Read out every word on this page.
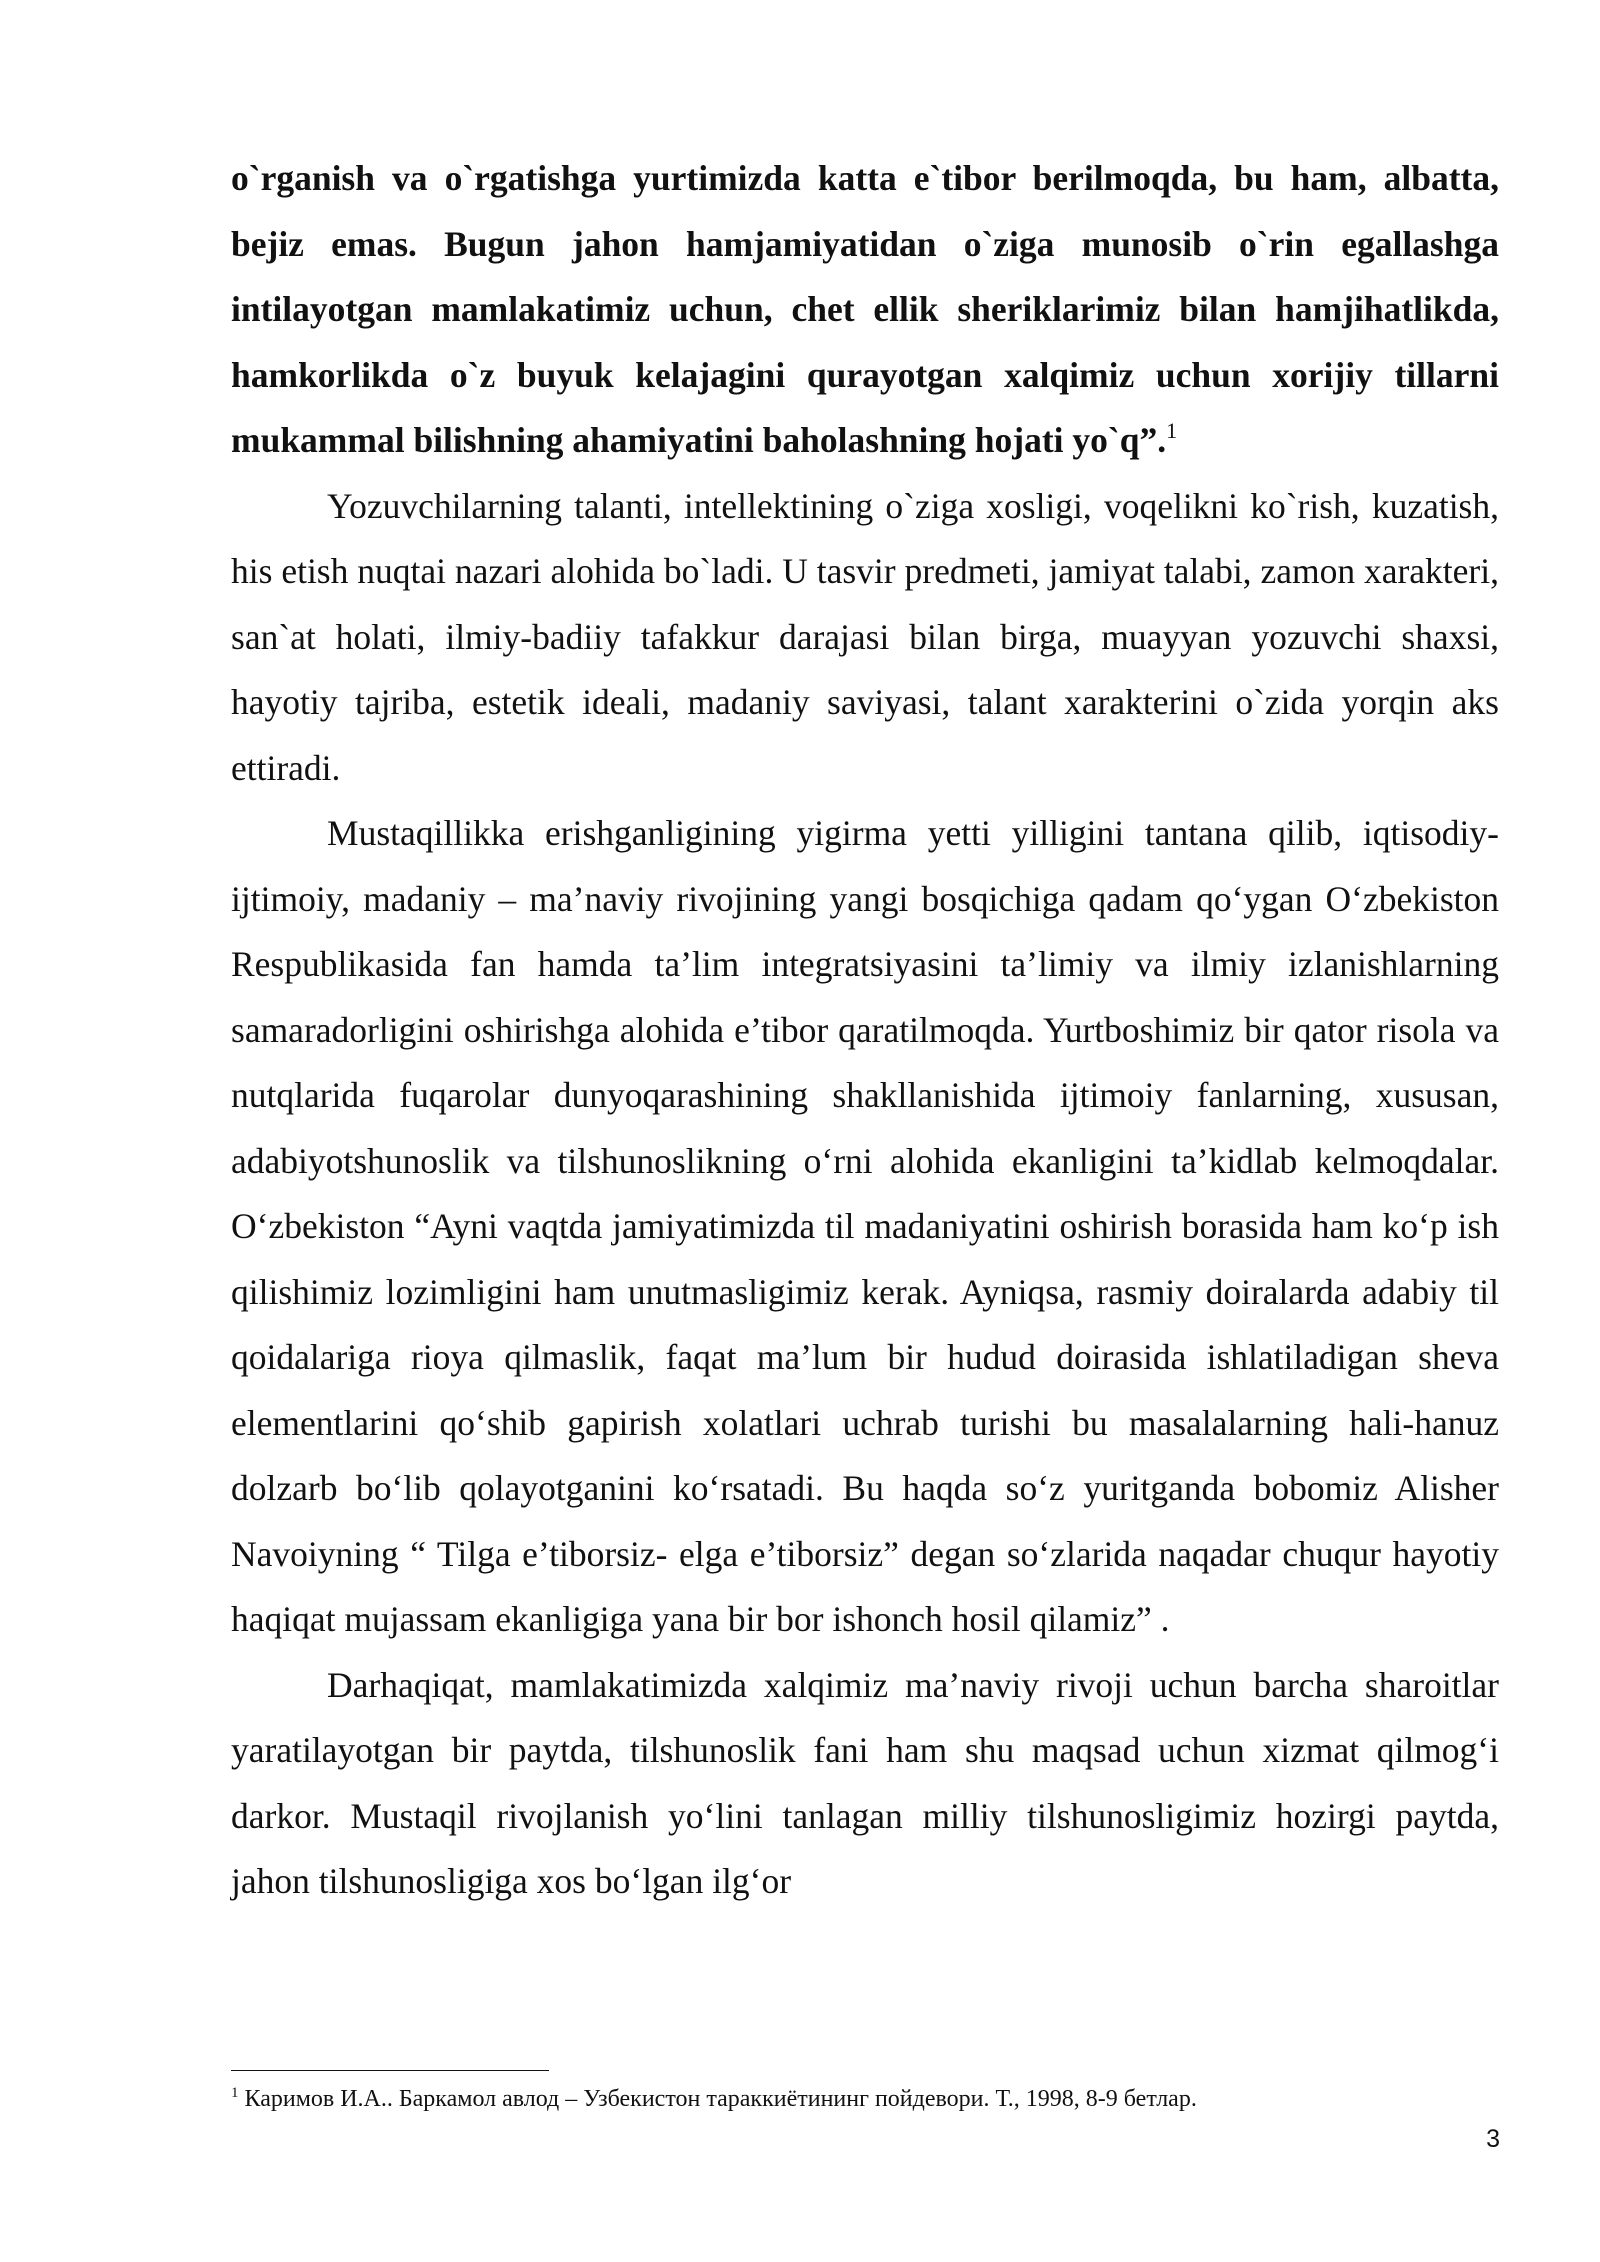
o`rganish va o`rgatishga yurtimizda katta e`tibor berilmoqda, bu ham, albatta, bejiz emas. Bugun jahon hamjamiyatidan o`ziga munosib o`rin egallashga intilayotgan mamlakatimiz uchun, chet ellik sheriklarimiz bilan hamjihatlikda, hamkorlikda o`z buyuk kelajagini qurayotgan xalqimiz uchun xorijiy tillarni mukammal bilishning ahamiyatini baholashning hojati yo`q”.$^1$

Yozuvchilarning talanti, intellektining o`ziga xosligi, voqelikni ko`rish, kuzatish, his etish nuqtai nazari alohida bo`ladi. U tasvir predmeti, jamiyat talabi, zamon xarakteri, san`at holati, ilmiy-badiiy tafakkur darajasi bilan birga, muayyan yozuvchi shaxsi, hayotiy tajriba, estetik ideali, madaniy saviyasi, talant xarakterini o`zida yorqin aks ettiradi.

Mustaqillikka erishganligining yigirma yetti yilligini tantana qilib, iqtisodiy-ijtimoiy, madaniy – ma’naviy rivojining yangi bosqichiga qadam qo‘ygan O‘zbekiston Respublikasida fan hamda ta’lim integratsiyasini ta’limiy va ilmiy izlanishlarning samaradorligini oshirishga alohida e’tibor qaratilmoqda. Yurtboshimiz bir qator risola va nutqlarida fuqarolar dunyoqarashining shakllanishida ijtimoiy fanlarning, xususan, adabiyotshunoslik va tilshunoslikning o‘rni alohida ekanligini ta’kidlab kelmoqdalar. O‘zbekiston “Ayni vaqtda jamiyatimizda til madaniyatini oshirish borasida ham ko‘p ish qilishimiz lozimligini ham unutmasligimiz kerak. Ayniqsa, rasmiy doiralarda adabiy til qoidalariga rioya qilmaslik, faqat ma’lum bir hudud doirasida ishlatiladigan sheva elementlarini qo‘shib gapirish xolatlari uchrab turishi bu masalalarning hali-hanuz dolzarb bo‘lib qolayotganini ko‘rsatadi. Bu haqda so‘z yuritganda bobomiz Alisher Navoiyning “ Tilga e’tiborsiz- elga e’tiborsiz” degan so‘zlarida naqadar chuqur hayotiy haqiqat mujassam ekanligiga yana bir bor ishonch hosil qilamiz” .

Darhaqiqat, mamlakatimizda xalqimiz ma’naviy rivoji uchun barcha sharoitlar yaratilayotgan bir paytda, tilshunoslik fani ham shu maqsad uchun xizmat qilmog‘i darkor. Mustaqil rivojlanish yo‘lini tanlagan milliy tilshunosligimiz hozirgi paytda, jahon tilshunosligiga xos bo‘lgan ilg‘or

$^1$ Каримов И.А.. Баркамол авлод – Узбекистон тараккиётининг пойдевори. Т., 1998, 8-9 бетлар.
3
